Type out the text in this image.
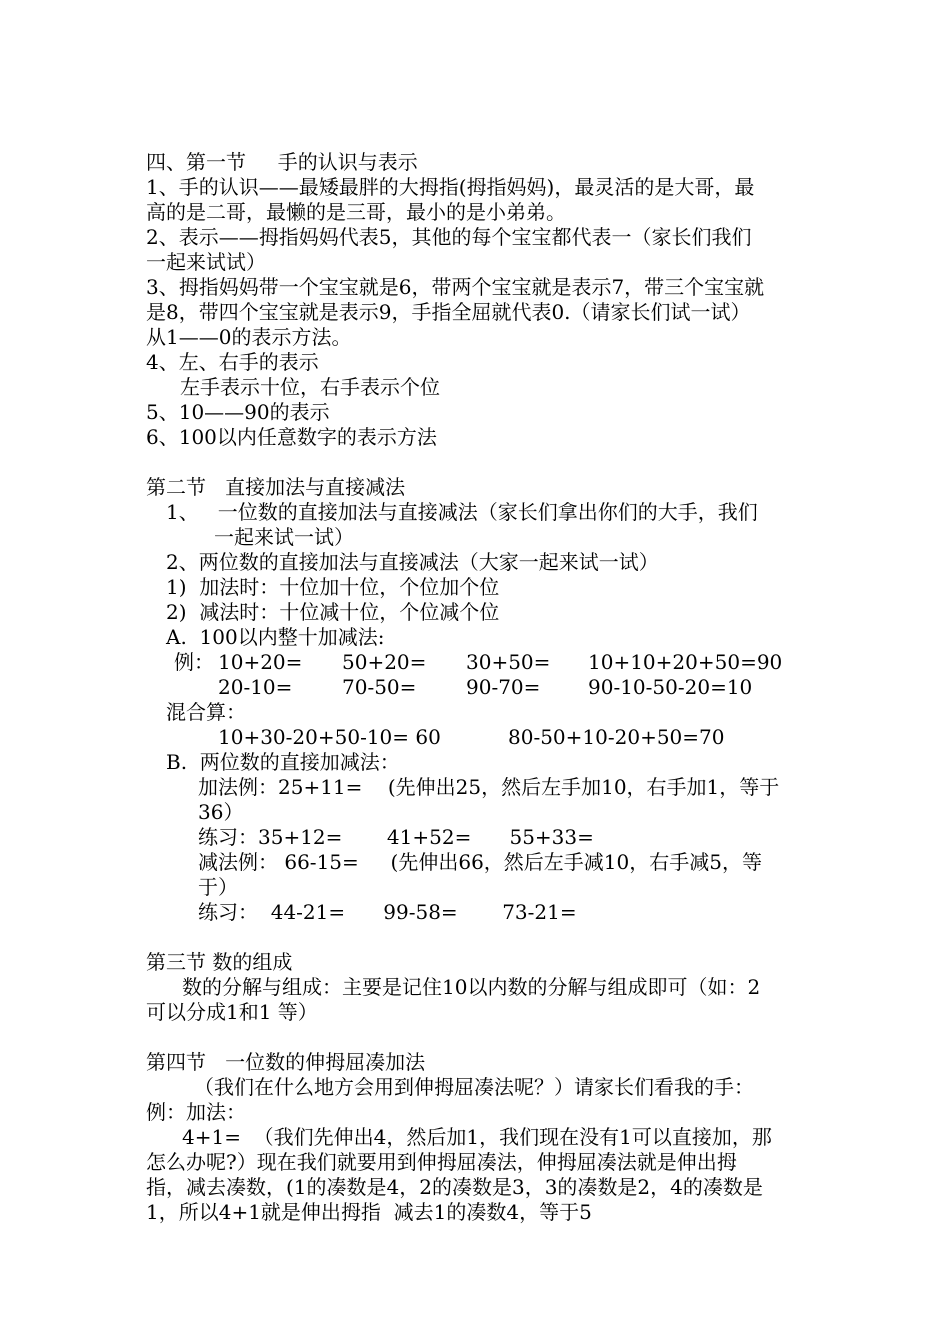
四、第一节     手的认识与表示
1、手的认识——最矮最胖的大拇指(拇指妈妈)，最灵活的是大哥，最
高的是二哥，最懒的是三哥，最小的是小弟弟。
2、表示——拇指妈妈代表5，其他的每个宝宝都代表一（家长们我们
一起来试试）
3、拇指妈妈带一个宝宝就是6，带两个宝宝就是表示7，带三个宝宝就
是8，带四个宝宝就是表示9，手指全屈就代表0.（请家长们试一试）
从1——0的表示方法。
4、左、右手的表示
左手表示十位，右手表示个位
5、10——90的表示
6、100以内任意数字的表示方法
第二节   直接加法与直接减法
1、   一位数的直接加法与直接减法（家长们拿出你们的大手，我们
一起来试一试）
2、两位数的直接加法与直接减法（大家一起来试一试）
1)  加法时：十位加十位，个位加个位
2)  减法时：十位减十位，个位减个位
A.  100以内整十加减法:
例： 10+20= 50+20= 30+50= 10+10+20+50=90
20-10= 70-50= 90-70= 90-10-50-20=10
混合算：
10+30-20+50-10= 60	80-50+10-20+50=70
B.  两位数的直接加减法：
加法例：25+11=    (先伸出25，然后左手加10，右手加1，等于
36）
练习：35+12=       41+52=      55+33=
减法例： 66-15=     (先伸出66，然后左手减10，右手减5，等
于）
练习：  44-21=      99-58=       73-21=
第三节 数的组成
数的分解与组成：主要是记住10以内数的分解与组成即可（如：2
可以分成1和1 等）
第四节   一位数的伸拇屈凑加法
（我们在什么地方会用到伸拇屈凑法呢？）请家长们看我的手：
例：加法：
4+1=  （我们先伸出4，然后加1，我们现在没有1可以直接加，那
怎么办呢?）现在我们就要用到伸拇屈凑法，伸拇屈凑法就是伸出拇
指，减去凑数，(1的凑数是4，2的凑数是3，3的凑数是2，4的凑数是
1，所以4+1就是伸出拇指  减去1的凑数4，等于5
